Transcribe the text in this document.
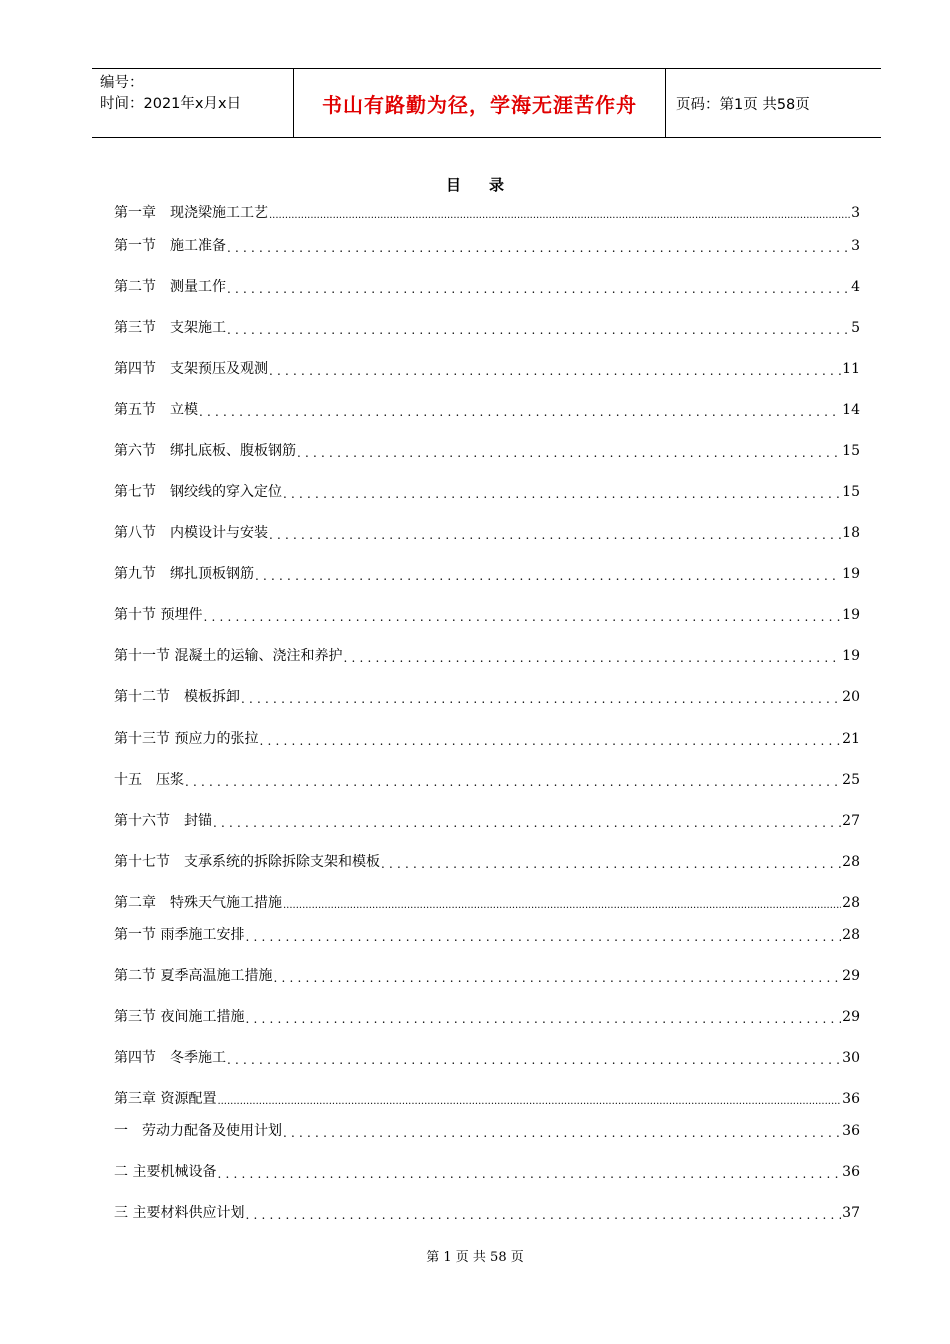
编号：
时间：2021年x月x日	书山有路勤为径，学海无涯苦作舟	页码：第1页 共58页
目录
第一章　现浇梁施工工艺 .....	3
第一节　施工准备 .....	3
第二节　测量工作 .....	4
第三节　支架施工 .....	5
第四节　支架预压及观测 .....	11
第五节　立模 .....	14
第六节　绑扎底板、腹板钢筋 .....	15
第七节　钢绞线的穿入定位 .....	15
第八节　内模设计与安装 .....	18
第九节　绑扎顶板钢筋 .....	19
第十节 预埋件 .....	19
第十一节 混凝土的运输、浇注和养护 .....	19
第十二节　模板拆卸 .....	20
第十三节 预应力的张拉 .....	21
十五　压浆 .....	25
第十六节　封锚 .....	27
第十七节　支承系统的拆除拆除支架和模板 .....	28
第二章　特殊天气施工措施 .....	28
第一节 雨季施工安排 .....	28
第二节 夏季高温施工措施 .....	29
第三节 夜间施工措施 .....	29
第四节　冬季施工 .....	30
第三章 资源配置 .....	36
一　劳动力配备及使用计划 .....	36
二 主要机械设备 .....	36
三 主要材料供应计划 .....	37
第 1 页 共 58 页
